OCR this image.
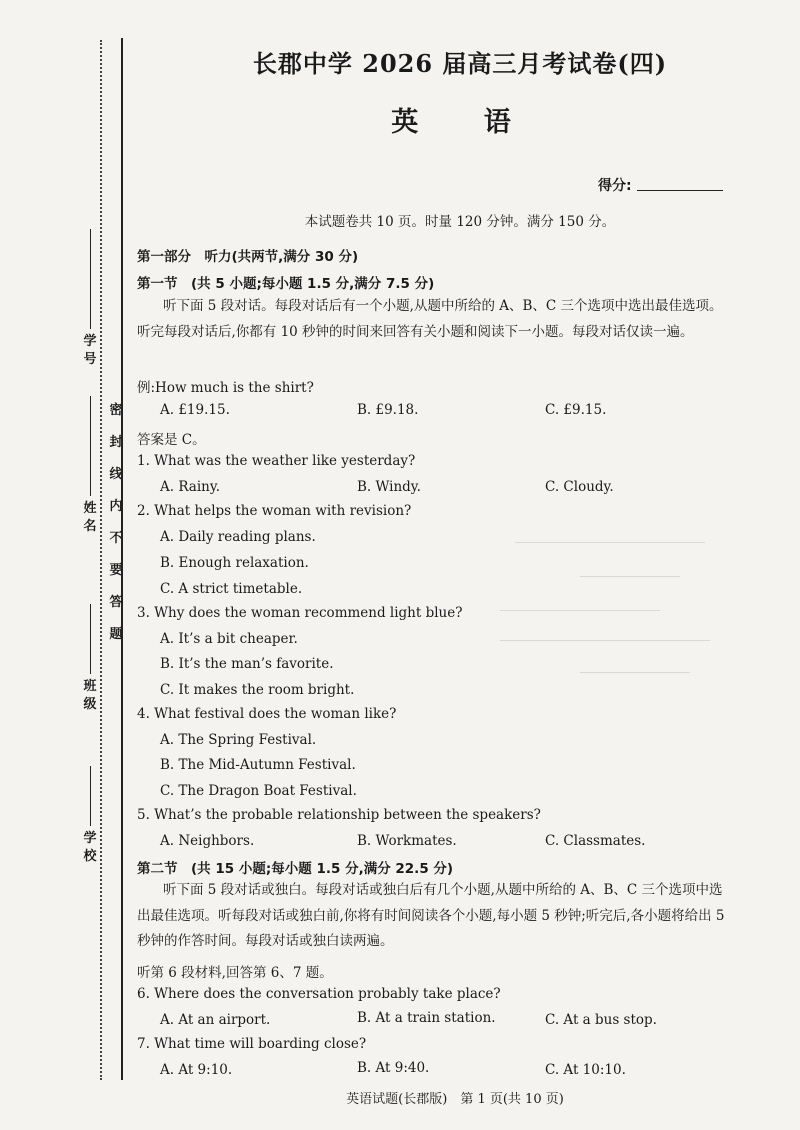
学号
姓名
班级
学校
密封线内不要答题
长郡中学 2026 届高三月考试卷(四)
英 语
得分:
本试题卷共 10 页。时量 120 分钟。满分 150 分。
第一部分　听力(共两节,满分 30 分)
第一节　(共 5 小题;每小题 1.5 分,满分 7.5 分)
听下面 5 段对话。每段对话后有一个小题,从题中所给的 A、B、C 三个选项中选出最佳选项。听完每段对话后,你都有 10 秒钟的时间来回答有关小题和阅读下一小题。每段对话仅读一遍。
例:How much is the shirt?
A. £19.15.	B. £9.18.	C. £9.15.
答案是 C。
1. What was the weather like yesterday?
A. Rainy.	B. Windy.	C. Cloudy.
2. What helps the woman with revision?
A. Daily reading plans.
B. Enough relaxation.
C. A strict timetable.
3. Why does the woman recommend light blue?
A. It’s a bit cheaper.
B. It’s the man’s favorite.
C. It makes the room bright.
4. What festival does the woman like?
A. The Spring Festival.
B. The Mid-Autumn Festival.
C. The Dragon Boat Festival.
5. What’s the probable relationship between the speakers?
A. Neighbors.	B. Workmates.	C. Classmates.
第二节　(共 15 小题;每小题 1.5 分,满分 22.5 分)
听下面 5 段对话或独白。每段对话或独白后有几个小题,从题中所给的 A、B、C 三个选项中选出最佳选项。听每段对话或独白前,你将有时间阅读各个小题,每小题 5 秒钟;听完后,各小题将给出 5 秒钟的作答时间。每段对话或独白读两遍。
听第 6 段材料,回答第 6、7 题。
6. Where does the conversation probably take place?
A. At an airport.	B. At a train station.	C. At a bus stop.
7. What time will boarding close?
A. At 9:10.	B. At 9:40.	C. At 10:10.
英语试题(长郡版)　第 1 页(共 10 页)
